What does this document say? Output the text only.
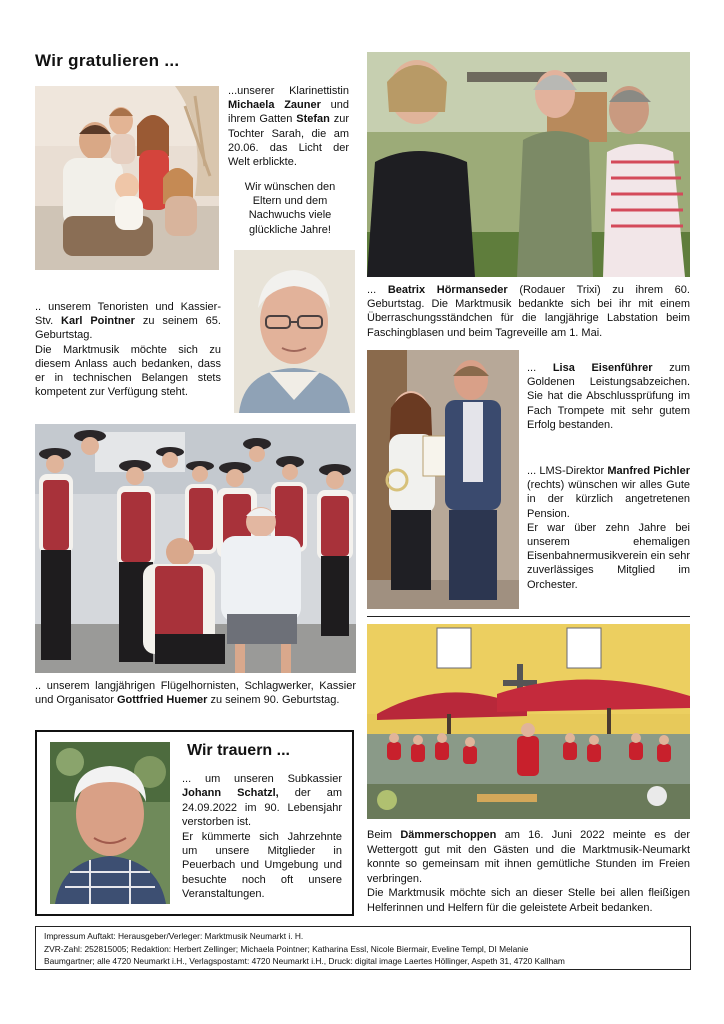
Wir gratulieren ...
...unserer Klarinettistin Michaela Zauner und ihrem Gatten Stefan zur Tochter Sarah, die am 20.06. das Licht der Welt erblickte.
Wir wünschen den Eltern und dem Nachwuchs viele glückliche Jahre!
.. unserem Tenoristen und Kassier-Stv. Karl Pointner zu seinem 65. Geburtstag.
Die Marktmusik möchte sich zu diesem Anlass auch bedanken, dass er in technischen Belangen stets kompetent zur Verfügung steht.
.. unserem langjährigen Flügelhornisten, Schlagwerker, Kassier und Organisator Gottfried Huemer zu seinem 90. Geburtstag.
Wir trauern ...
... um unseren Subkassier Johann Schatzl, der am 24.09.2022 im 90. Lebensjahr verstorben ist.
Er kümmerte sich Jahrzehnte um unsere Mitglieder in Peuerbach und Umgebung und besuchte noch oft unsere Veranstaltungen.
... Beatrix Hörmanseder (Rodauer Trixi) zu ihrem 60. Geburtstag. Die Marktmusik bedankte sich bei ihr mit einem Überraschungsständchen für die langjährige Labstation beim Faschingblasen und beim Tagreveille am 1. Mai.
... Lisa Eisenführer zum Goldenen Leistungsabzeichen. Sie hat die Abschlussprüfung im Fach Trompete mit sehr gutem Erfolg bestanden.
... LMS-Direktor Manfred Pichler (rechts) wünschen wir alles Gute in der kürzlich angetretenen Pension.
Er war über zehn Jahre bei unserem ehemaligen Eisenbahnermusikverein ein sehr zuverlässiges Mitglied im Orchester.
Beim Dämmerschoppen am 16. Juni 2022 meinte es der Wettergott gut mit den Gästen und die Marktmusik-Neumarkt konnte so gemeinsam mit ihnen gemütliche Stunden im Freien verbringen.
Die Marktmusik möchte sich an dieser Stelle bei allen fleißigen Helferinnen und Helfern für die geleistete Arbeit bedanken.
Impressum Auftakt: Herausgeber/Verleger: Marktmusik Neumarkt i. H.
ZVR-Zahl: 252815005; Redaktion: Herbert Zellinger; Michaela Pointner; Katharina Essl, Nicole Biermair, Eveline Templ, DI Melanie
Baumgartner; alle 4720 Neumarkt i.H., Verlagspostamt: 4720 Neumarkt i.H., Druck: digital image Laertes Höllinger, Aspeth 31, 4720 Kallham
